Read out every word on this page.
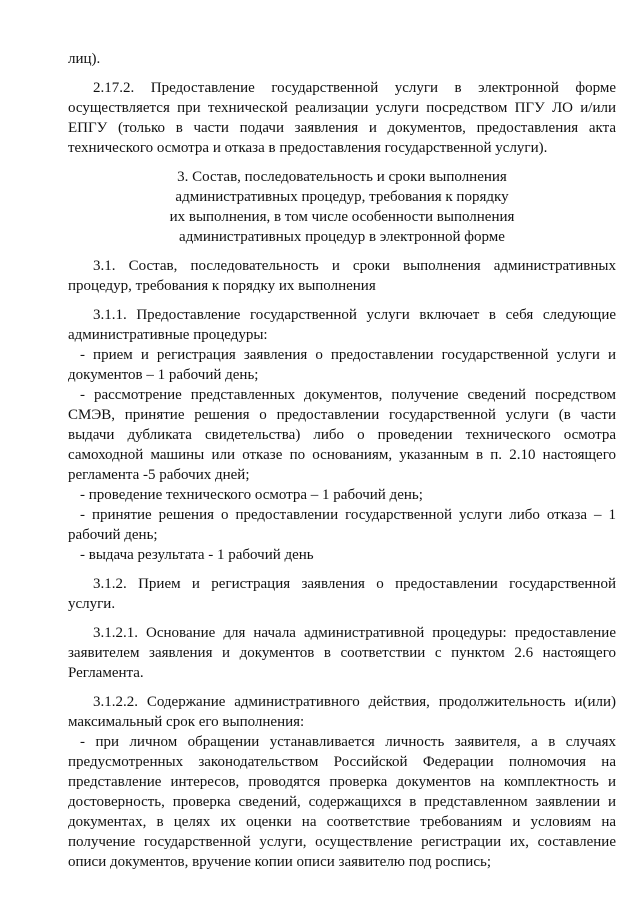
лиц).
2.17.2. Предоставление государственной услуги в электронной форме
осуществляется при технической реализации услуги посредством ПГУ ЛО и/или
ЕПГУ (только в части подачи заявления и документов, предоставления акта
технического осмотра и отказа в предоставления государственной услуги).
3. Состав, последовательность и сроки выполнения
административных процедур, требования к порядку
их выполнения, в том числе особенности выполнения
административных процедур в электронной форме
3.1. Состав, последовательность и сроки выполнения административных
процедур, требования к порядку их выполнения
3.1.1. Предоставление государственной услуги включает в себя следующие
административные процедуры:
- прием и регистрация заявления о предоставлении государственной услуги и
документов – 1 рабочий день;
- рассмотрение представленных документов, получение сведений посредством
СМЭВ, принятие решения о предоставлении государственной услуги (в части
выдачи дубликата свидетельства) либо о проведении технического осмотра
самоходной машины или отказе по основаниям, указанным в п. 2.10 настоящего
регламента -5 рабочих дней;
- проведение технического осмотра – 1 рабочий день;
- принятие решения о предоставлении государственной услуги либо отказа – 1
рабочий день;
- выдача результата - 1 рабочий день
3.1.2. Прием и регистрация заявления о предоставлении государственной
услуги.
3.1.2.1. Основание для начала административной процедуры: предоставление
заявителем заявления и документов в соответствии с пунктом 2.6 настоящего
Регламента.
3.1.2.2. Содержание административного действия, продолжительность и(или)
максимальный срок его выполнения:
- при личном обращении устанавливается личность заявителя, а в случаях
предусмотренных законодательством Российской Федерации полномочия на
представление интересов, проводятся проверка документов на комплектность и
достоверность, проверка сведений, содержащихся в представленном заявлении и
документах, в целях их оценки на соответствие требованиям и условиям на
получение государственной услуги, осуществление регистрации их, составление
описи документов, вручение копии описи заявителю под роспись;
